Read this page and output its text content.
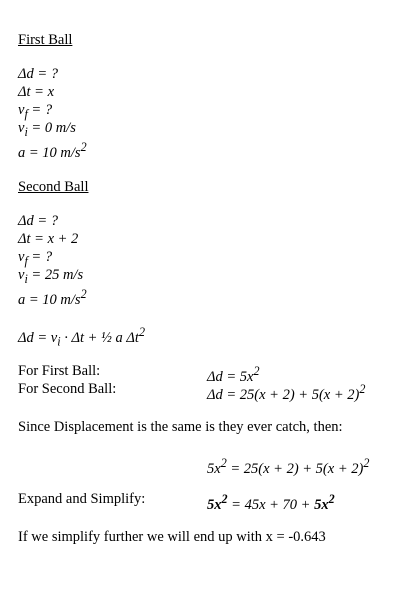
First Ball
Δd = ?
Δt = x
$v_f$ = ?
$v_i = 0$ m/s
a = 10 $m/s^2$
Second Ball
Δd = ?
Δt = x + 2
$v_f$ = ?
$v_i = 25$ m/s
a = 10 $m/s^2$
$\Delta d = v_i \cdot \Delta t$ + ½ a $\Delta t^2$
For First Ball:	$\Delta d = 5x^2$
For Second Ball:	$\Delta d = 25(x + 2) + 5(x + 2)^2$
Since Displacement is the same is they ever catch, then:
$5x^2 = 25(x + 2) + 5(x + 2)^2$
Expand and Simplify:	$5x^2 = 45x + 70 + 5x^2$
If we simplify further we will end up with x = -0.643
